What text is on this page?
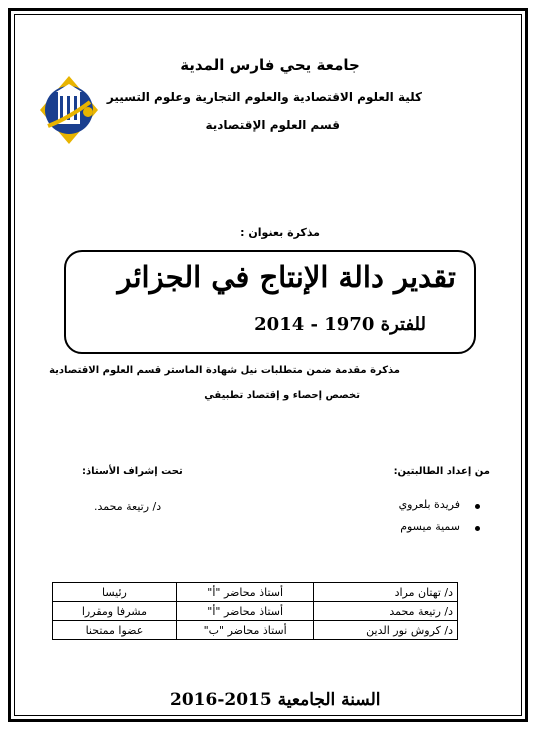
جامعة يحي فارس المدية
كلية العلوم الاقتصادية والعلوم التجارية وعلوم التسيير
قسم العلوم الإقتصادية
مذكرة بعنوان :
تقدير دالة الإنتاج في الجزائر
للفترة 1970 - 2014
مذكرة مقدمة ضمن متطلبات نيل شهادة الماستر قسم العلوم الاقتصادية
تخصص إحصاء و إقتصاد تطبيقي
من إعداد الطالبتين:
تحت إشراف الأستاذ:
فريدة بلعروي
سمية ميسوم
د/ رتيعة محمد.
د/ تهتان مراد	أستاذ محاضر "أ"	رئيسا
د/ رتيعة محمد	أستاذ محاضر "أ"	مشرفا ومقررا
د/ كروش نور الدين	أستاذ محاضر "ب"	عضوا ممتحنا
السنة الجامعية 2015-2016
